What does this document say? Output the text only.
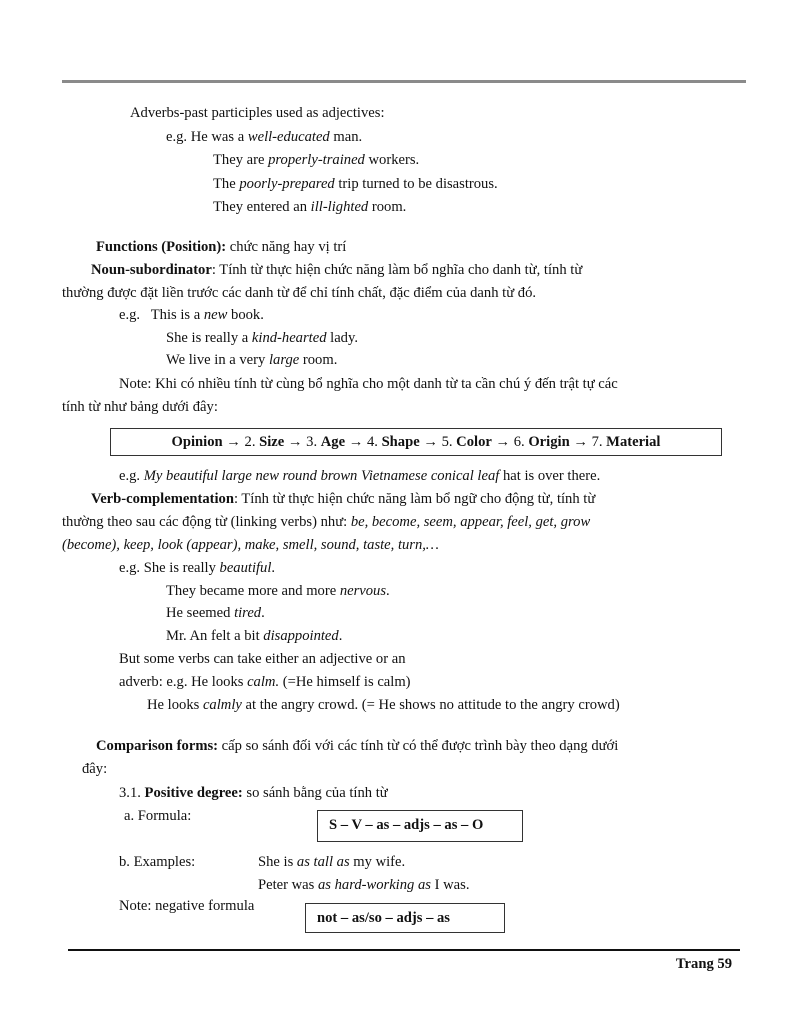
Adverbs-past participles used as adjectives:
e.g. He was a well-educated man.
They are properly-trained workers.
The poorly-prepared trip turned to be disastrous.
They entered an ill-lighted room.
Functions (Position): chức năng hay vị trí
Noun-subordinator: Tính từ thực hiện chức năng làm bổ nghĩa cho danh từ, tính từ
thường được đặt liền trước các danh từ để chỉ tính chất, đặc điểm của danh từ đó.
e.g.   This is a new book.
She is really a kind-hearted lady.
We live in a very large room.
Note: Khi có nhiều tính từ cùng bổ nghĩa cho một danh từ ta cần chú ý đến trật tự các
tính từ như bảng dưới đây:
Opinion → 2. Size → 3. Age → 4. Shape → 5. Color → 6. Origin → 7. Material
e.g. My beautiful large new round brown Vietnamese conical leaf hat is over there.
Verb-complementation: Tính từ thực hiện chức năng làm bổ ngữ cho động từ, tính từ
thường theo sau các động từ (linking verbs) như: be, become, seem, appear, feel, get, grow
(become), keep, look (appear), make, smell, sound, taste, turn,…
e.g. She is really beautiful.
They became more and more nervous.
He seemed tired.
Mr. An felt a bit disappointed.
But some verbs can take either an adjective or an
adverb: e.g. He looks calm. (=He himself is calm)
He looks calmly at the angry crowd. (= He shows no attitude to the angry crowd)
Comparison forms: cấp so sánh đối với các tính từ có thể được trình bày theo dạng dưới
đây:
3.1. Positive degree: so sánh bằng của tính từ
a. Formula:
S – V – as – adjs – as – O
b. Examples:	She is as tall as my wife.
Peter was as hard-working as I was.
Note: negative formula
not – as/so – adjs – as
Trang 59
